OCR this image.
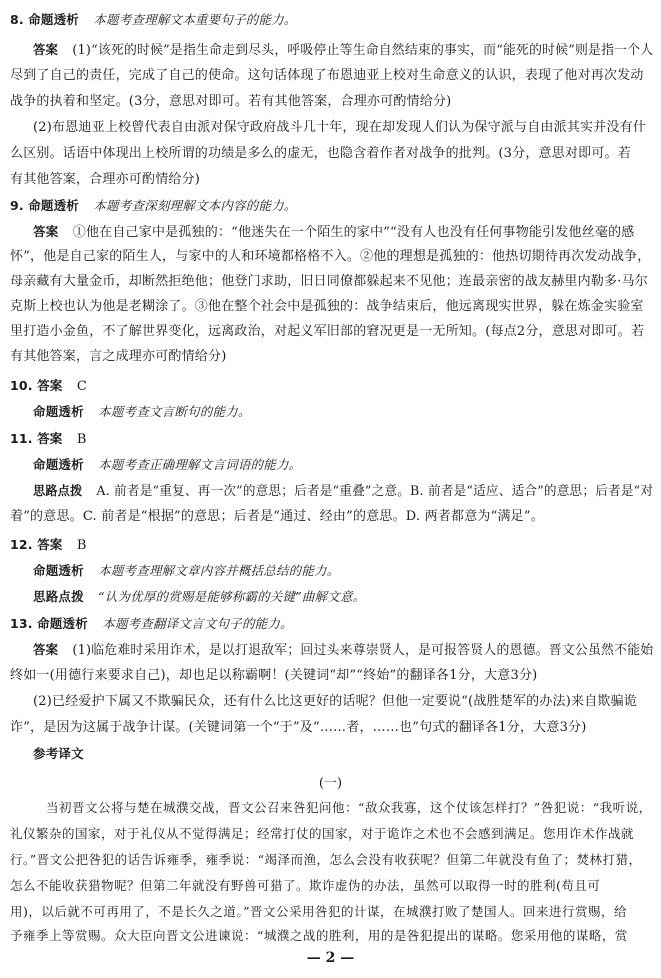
8. 命题透析 本题考查理解文本重要句子的能力。
答案 (1)“该死的时候”是指生命走到尽头，呼吸停止等生命自然结束的事实，而“能死的时候”则是指一个人
尽到了自己的责任，完成了自己的使命。这句话体现了布恩迪亚上校对生命意义的认识，表现了他对再次发动
战争的执着和坚定。(3分，意思对即可。若有其他答案，合理亦可酌情给分)
(2)布恩迪亚上校曾代表自由派对保守政府战斗几十年，现在却发现人们认为保守派与自由派其实并没有什
么区别。话语中体现出上校所谓的功绩是多么的虚无，也隐含着作者对战争的批判。(3分，意思对即可。若
有其他答案，合理亦可酌情给分)
9. 命题透析 本题考查深刻理解文本内容的能力。
答案 ①他在自己家中是孤独的：“他迷失在一个陌生的家中”“没有人也没有任何事物能引发他丝毫的感
怀”，他是自己家的陌生人，与家中的人和环境都格格不入。②他的理想是孤独的：他热切期待再次发动战争，
母亲藏有大量金币，却断然拒绝他；他登门求助，旧日同僚都躲起来不见他；连最亲密的战友赫里内勒多·马尔
克斯上校也认为他是老糊涂了。③他在整个社会中是孤独的：战争结束后，他远离现实世界，躲在炼金实验室
里打造小金鱼，不了解世界变化，远离政治，对起义军旧部的窘况更是一无所知。(每点2分，意思对即可。若
有其他答案，言之成理亦可酌情给分)
10. 答案 C
命题透析 本题考查文言断句的能力。
11. 答案 B
命题透析 本题考查正确理解文言词语的能力。
思路点拨 A. 前者是“重复、再一次”的意思；后者是“重叠”之意。B. 前者是“适应、适合”的意思；后者是“对
着”的意思。C. 前者是“根据”的意思；后者是“通过、经由”的意思。D. 两者都意为“满足”。
12. 答案 B
命题透析 本题考查理解文章内容并概括总结的能力。
思路点拨 “认为优厚的赏赐是能够称霸的关键”曲解文意。
13. 命题透析 本题考查翻译文言文句子的能力。
答案 (1)临危难时采用诈术，是以打退敌军；回过头来尊崇贤人，是可报答贤人的恩德。晋文公虽然不能始
终如一(用德行来要求自己)，却也足以称霸啊！(关键词“却”“终始”的翻译各1分，大意3分)
(2)已经爱护下属又不欺骗民众，还有什么比这更好的话呢？但他一定要说“(战胜楚军的办法)来自欺骗诡
诈”，是因为这属于战争计谋。(关键词第一个“于”及“……者，……也”句式的翻译各1分，大意3分)
参考译文
(一)
当初晋文公将与楚在城濮交战，晋文公召来咎犯问他：“敌众我寡，这个仗该怎样打？”咎犯说：“我听说，
礼仪繁杂的国家，对于礼仪从不觉得满足；经常打仗的国家，对于诡诈之术也不会感到满足。您用诈术作战就
行。”晋文公把咎犯的话告诉雍季，雍季说：“竭泽而渔，怎么会没有收获呢？但第二年就没有鱼了；焚林打猎，
怎么不能收获猎物呢？但第二年就没有野兽可猎了。欺诈虚伪的办法，虽然可以取得一时的胜利(苟且可
用)，以后就不可再用了，不是长久之道。”晋文公采用咎犯的计谋，在城濮打败了楚国人。回来进行赏赐，给
予雍季上等赏赐。众大臣向晋文公进谏说：“城濮之战的胜利，用的是咎犯提出的谋略。您采用他的谋略，赏
— 2 —
